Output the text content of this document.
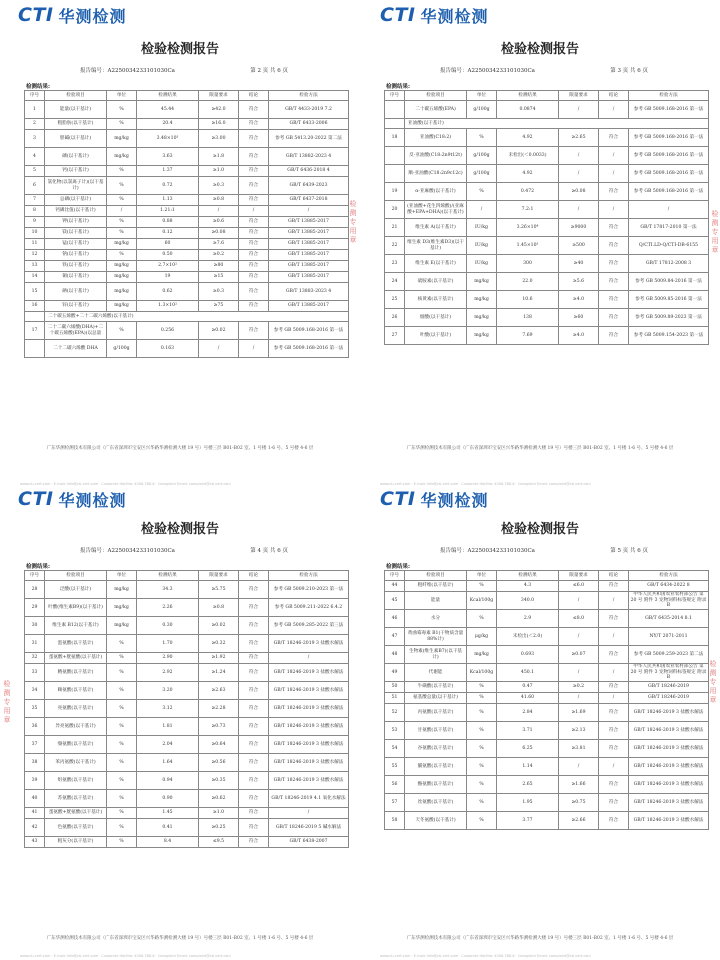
CTI 华测检测
检验检测报告
报告编号：A2250034233101030Ca	第 2 页 共 6 页
检测结果:
序号	检验项目	单位	检测结果	限量要求	结论	检验方法
1	能量(以干基计)	%	45.44	≥42.0	符合	GB/T 4433-2019 7.2
2	粗脂肪(以干基计)	%	20.4	≥16.0	符合	GB/T 6433-2006
3	胆碱(以干基计)	mg/kg	3.48×10³	≥3.00	符合	参考 GB 5413.20-2022 第二法
4	磷(以干基计)	mg/kg	3.63	≥1.8	符合	GB/T 13882-2023 4
5	钙(以干基计)	%	1.37	≥1.0	符合	GB/T 6436-2018 4
6	氯化物(以氯离子计)(以干基计)	%	0.72	≥0.3	符合	GB/T 6439-2023
7	总磷(以干基计)	%	1.13	≥0.8	符合	GB/T 6437-2018
8	钙磷比值(以干基计)	/	1.21:1	/	/	/
9	钾(以干基计)	%	0.88	≥0.6	符合	GB/T 13885-2017
10	镁(以干基计)	%	0.12	≥0.08	符合	GB/T 13885-2017
11	锰(以干基计)	mg/kg	60	≥7.6	符合	GB/T 13885-2017
12	钠(以干基计)	%	0.50	≥0.2	符合	GB/T 13885-2017
13	铁(以干基计)	mg/kg	2.7×10²	≥80	符合	GB/T 13885-2017
14	铜(以干基计)	mg/kg	19	≥15	符合	GB/T 13885-2017
15	硒(以干基计)	mg/kg	0.62	≥0.3	符合	GB/T 13883-2023 4
16	锌(以干基计)	mg/kg	1.3×10²	≥75	符合	GB/T 13885-2017
	二十碳五烯酸+二十二碳六烯酸(以干基计)					
17	二十二碳六烯酸(DHA)+二十碳五烯酸(EPA)(以总量	%	0.256	≥0.02	符合	参考 GB 5009.168-2016 第一法
	二十二碳六烯酸 DHA	g/100g	0.163	/	/	参考 GB 5009.168-2016 第一法
广东华测检测技术有限公司（广东省深圳市宝安区兴华路华测检测大楼 19 号）号楼三层 B01-B02 室、1 号楼 1-6 号、5 号楼 4-6 层
检测专用章
CTI 华测检测
检验检测报告
报告编号：A2250034233101030Ca	第 3 页 共 6 页
检测结果:
序号	检验项目	单位	检测结果	限量要求	结论	检验方法
	二十碳五烯酸(EPA)	g/100g	0.0874	/	/	参考 GB 5009.168-2016 第一法
	亚油酸(以干基计)					
18	亚油酸(C18:2)	%	4.92	≥2.65	符合	参考 GB 5009.168-2016 第一法
	反-亚油酸(C18:2n9t12t)	g/100g	未检出(＜0.0033)	/	/	参考 GB 5009.168-2016 第一法
	顺-亚油酸(C18:2n9c12c)	g/100g	4.92	/	/	参考 GB 5009.168-2016 第一法
19	α-亚麻酸(以干基计)	%	0.472	≥0.08	符合	参考 GB 5009.168-2016 第一法
20	(亚油酸+花生四烯酸)/(亚麻酸+EPA+DHA)(以干基计)	/	7.2:1	/	/	/
21	维生素 A(以干基计)	IU/kg	3.26×10⁴	≥9000	符合	GB/T 17817-2010 第一法
22	维生素 D3(维生素D3)(以干基计)	IU/kg	1.45×10³	≥500	符合	Q/CTI.LD-Q/CTI-DB-6155
23	维生素 E(以干基计)	IU/kg	300	≥40	符合	GB/T 17812-2008 3
24	硫胺素(以干基计)	mg/kg	22.0	≥5.6	符合	参考 GB 5009.84-2016 第一法
25	核黄素(以干基计)	mg/kg	10.6	≥4.0	符合	参考 GB 5009.85-2016 第一法
26	烟酸(以干基计)	mg/kg	138	≥60	符合	参考 GB 5009.89-2023 第一法
27	叶酸(以干基计)	mg/kg	7.69	≥4.0	符合	参考 GB 5009.154-2023 第一法
广东华测检测技术有限公司（广东省深圳市宝安区兴华路华测检测大楼 19 号）号楼三层 B01-B02 室、1 号楼 1-6 号、5 号楼 4-6 层
检测专用章
www.cti-cert.com · E-mail: info@cti-cert.com · Customer Hotline: 4006-788-6 · Complaint Email: complaint@cti-cert.com
CTI 华测检测
检验检测报告
报告编号：A2250034233101030Ca	第 4 页 共 6 页
检测结果:
序号	检验项目	单位	检测结果	限量要求	结论	检验方法
28	泛酸(以干基计)	mg/kg	34.3	≥5.75	符合	参考 GB 5009.210-2023 第一法
29	叶酸(维生素B9)(以干基计)	mg/kg	2.26	≥0.8	符合	参考 GB 5009.211-2022 6.4.2
30	维生素 B12(以干基计)	mg/kg	0.30	≥0.02	符合	参考 GB 5009.285-2022 第三法
31	蛋氨酸(以干基计)	%	1.70	≥0.32	符合	GB/T 18246-2019 3 盐酸水解法
32	蛋氨酸+胱氨酸(以干基计)	%	2.90	≥1.92	符合	/
33	精氨酸(以干基计)	%	2.92	≥1.24	符合	GB/T 18246-2019 3 盐酸水解法
34	赖氨酸(以干基计)	%	3.20	≥2.63	符合	GB/T 18246-2019 3 盐酸水解法
35	亮氨酸(以干基计)	%	3.12	≥2.28	符合	GB/T 18246-2019 3 盐酸水解法
36	异亮氨酸(以干基计)	%	1.81	≥0.73	符合	GB/T 18246-2019 3 盐酸水解法
37	缬氨酸(以干基计)	%	2.04	≥0.64	符合	GB/T 18246-2019 3 盐酸水解法
38	苯丙氨酸(以干基计)	%	1.64	≥0.56	符合	GB/T 18246-2019 3 盐酸水解法
39	组氨酸(以干基计)	%	0.94	≥0.35	符合	GB/T 18246-2019 3 盐酸水解法
40	苏氨酸(以干基计)	%	0.90	≥0.62	符合	GB/T 18246-2019 4.1 氧化水解法
41	蛋氨酸+胱氨酸(以干基计)	%	1.45	≥1.0	符合	/
42	色氨酸(以干基计)	%	0.41	≥0.25	符合	GB/T 18246-2019 5 碱水解法
43	粗灰分(以干基计)	%	8.4	≤9.5	符合	GB/T 6438-2007
广东华测检测技术有限公司（广东省深圳市宝安区兴华路华测检测大楼 19 号）号楼三层 B01-B02 室、1 号楼 1-6 号、5 号楼 4-6 层
www.cti-cert.com · E-mail: info@cti-cert.com · Customer Hotline: 4006-788-6 · Complaint Email: complaint@cti-cert.com
检测专用章
www.cti-cert.com · E-mail: info@cti-cert.com · Customer Hotline: 4006-788-6 · Complaint Email: complaint@cti-cert.com
CTI 华测检测
检验检测报告
报告编号：A2250034233101030Ca	第 5 页 共 6 页
检测结果:
序号	检验项目	单位	检测结果	限量要求	结论	检验方法
44	粗纤维(以干基计)	%	4.3	≤6.0	符合	GB/T 6434-2022 8
45	能量	Kcal/100g	340.0	/	/	中华人民共和国农业农村部公告 第 20 号 附件 3 宠物饲料标签规定 附录 B
46	水分	%	2.9	≤8.0	符合	GB/T 6435-2014 8.1
47	黄曲霉毒素 B1(干物质含量 88%计)	μg/kg	未检出(＜2.0)	/	/	NY/T 2071-2011
48	生物素(维生素B7)(以干基计)	mg/kg	0.693	≥0.07	符合	参考 GB 5009.259-2023 第二法
49	代谢能	Kcal/100g	450.1	/	/	中华人民共和国农业农村部公告 第 20 号 附件 3 宠物饲料标签规定 附录 B
50	牛磺酸(以干基计)	%	0.47	≥0.2	符合	GB/T 18246-2019
51	氨基酸总量(以干基计)	%	41.60	/	/	GB/T 18246-2019
52	丙氨酸(以干基计)	%	2.84	≥1.69	符合	GB/T 18246-2019 3 盐酸水解法
53	甘氨酸(以干基计)	%	3.71	≥2.13	符合	GB/T 18246-2019 3 盐酸水解法
54	谷氨酸(以干基计)	%	6.25	≥3.81	符合	GB/T 18246-2019 3 盐酸水解法
55	脯氨酸(以干基计)	%	1.14	/	/	GB/T 18246-2019 3 盐酸水解法
56	酪氨酸(以干基计)	%	2.65	≥1.66	符合	GB/T 18246-2019 3 盐酸水解法
57	丝氨酸(以干基计)	%	1.95	≥0.75	符合	GB/T 18246-2019 3 盐酸水解法
58	天冬氨酸(以干基计)	%	3.77	≥2.66	符合	GB/T 18246-2019 3 盐酸水解法
广东华测检测技术有限公司（广东省深圳市宝安区兴华路华测检测大楼 19 号）号楼三层 B01-B02 室、1 号楼 1-6 号、5 号楼 4-6 层
www.cti-cert.com · E-mail: info@cti-cert.com · Customer Hotline: 4006-788-6 · Complaint Email: complaint@cti-cert.com
检测专用章
